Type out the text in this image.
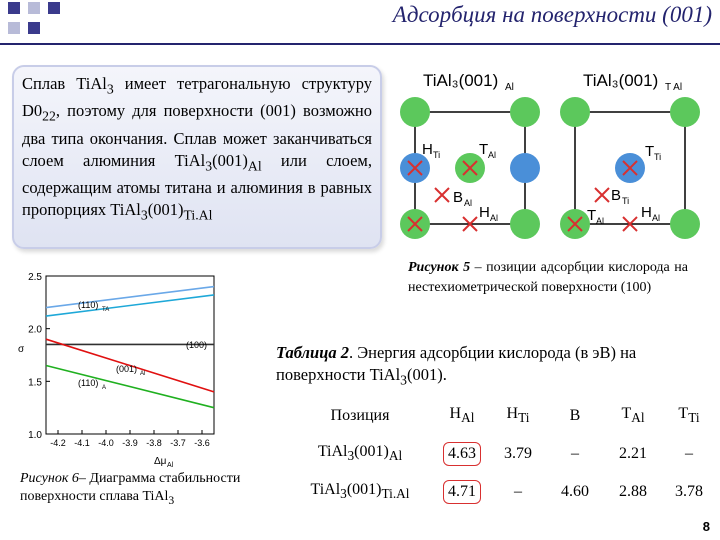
Адсорбция на поверхности (001)
Сплав TiAl$_3$ имеет тетрагональную структуру $D0_{22}$, поэтому для поверхности (001) возможно два типа окончания. Сплав может заканчиваться слоем алюминия $TiAl_3(001)_{Al}$ или слоем, содержащим атомы титана и алюминия в равных пропорциях $TiAl_3(001)_{Ti.Al}$
TiAl₃(001) Al
H Ti	T Al
B Al
H Al
TiAl₃(001) T Al
T Ti
B Ti
T Al H Al
Рисунок 5 – позиции адсорбции кислорода на нестехиометрической поверхности (100)
1.0
1.5
2.0
2.5
-4.2 -4.1 -4.0 -3.9 -3.8 -3.7 -3.6
(110) TA
(100)
(001) Al
(110) A
σ
Δμ Al
Рисунок 6– Диаграмма стабильности поверхности сплава TiAl$_3$
Таблица 2. Энергия адсорбции кислорода (в эВ) на поверхности TiAl$_3$(001).
Позиция	$H_{Al}$	$H_{Ti}$	B	$T_{Al}$	$T_{Ti}$
$TiAl_3(001)_{Al}$	4.63	3.79	–	2.21	–
$TiAl_3(001)_{Ti.Al}$	4.71	–	4.60	2.88	3.78
8
